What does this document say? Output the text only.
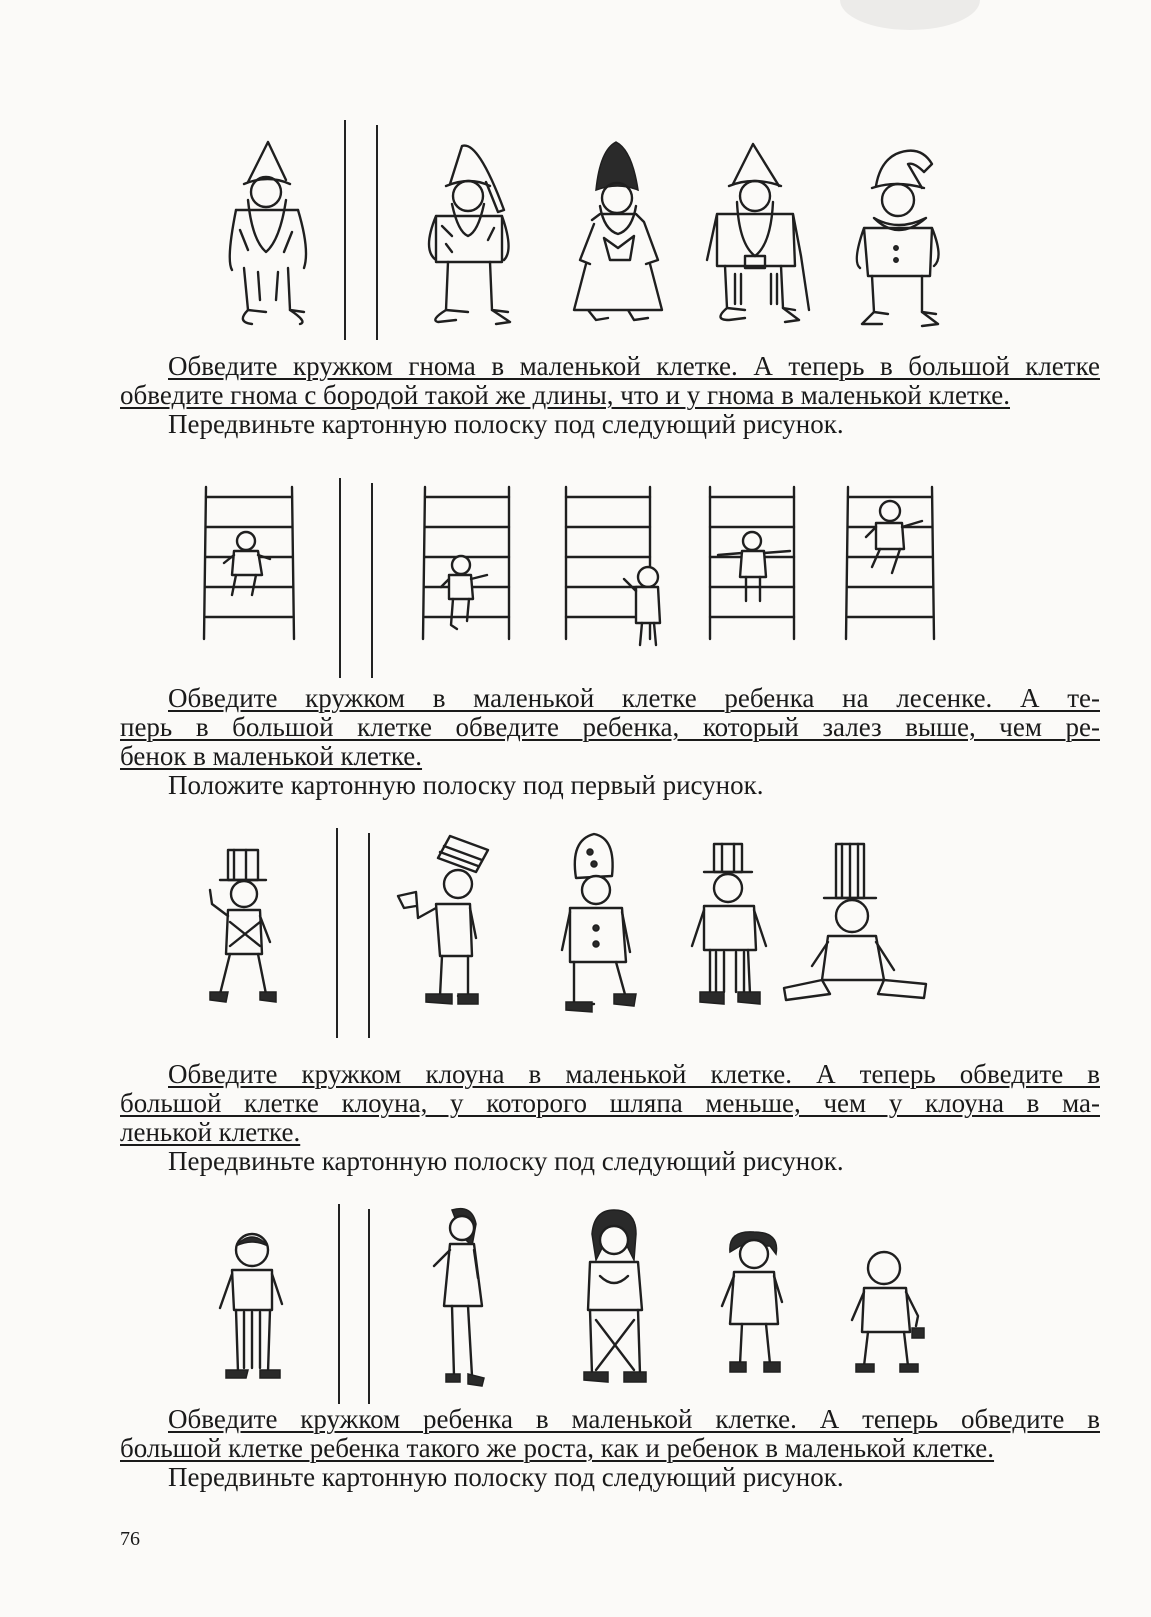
Обведите кружком гнома в маленькой клетке. А теперь в большой клетке
обведите гнома с бородой такой же длины, что и у гнома в маленькой клетке.
Передвиньте картонную полоску под следующий рисунок.
Обведите кружком в маленькой клетке ребенка на лесенке. А те-
перь в большой клетке обведите ребенка, который залез выше, чем ре-
бенок в маленькой клетке.
Положите картонную полоску под первый рисунок.
Обведите кружком клоуна в маленькой клетке. А теперь обведите в
большой клетке клоуна, у которого шляпа меньше, чем у клоуна в ма-
ленькой клетке.
Передвиньте картонную полоску под следующий рисунок.
Обведите кружком ребенка в маленькой клетке. А теперь обведите в
большой клетке ребенка такого же роста, как и ребенок в маленькой клетке.
Передвиньте картонную полоску под следующий рисунок.
76
